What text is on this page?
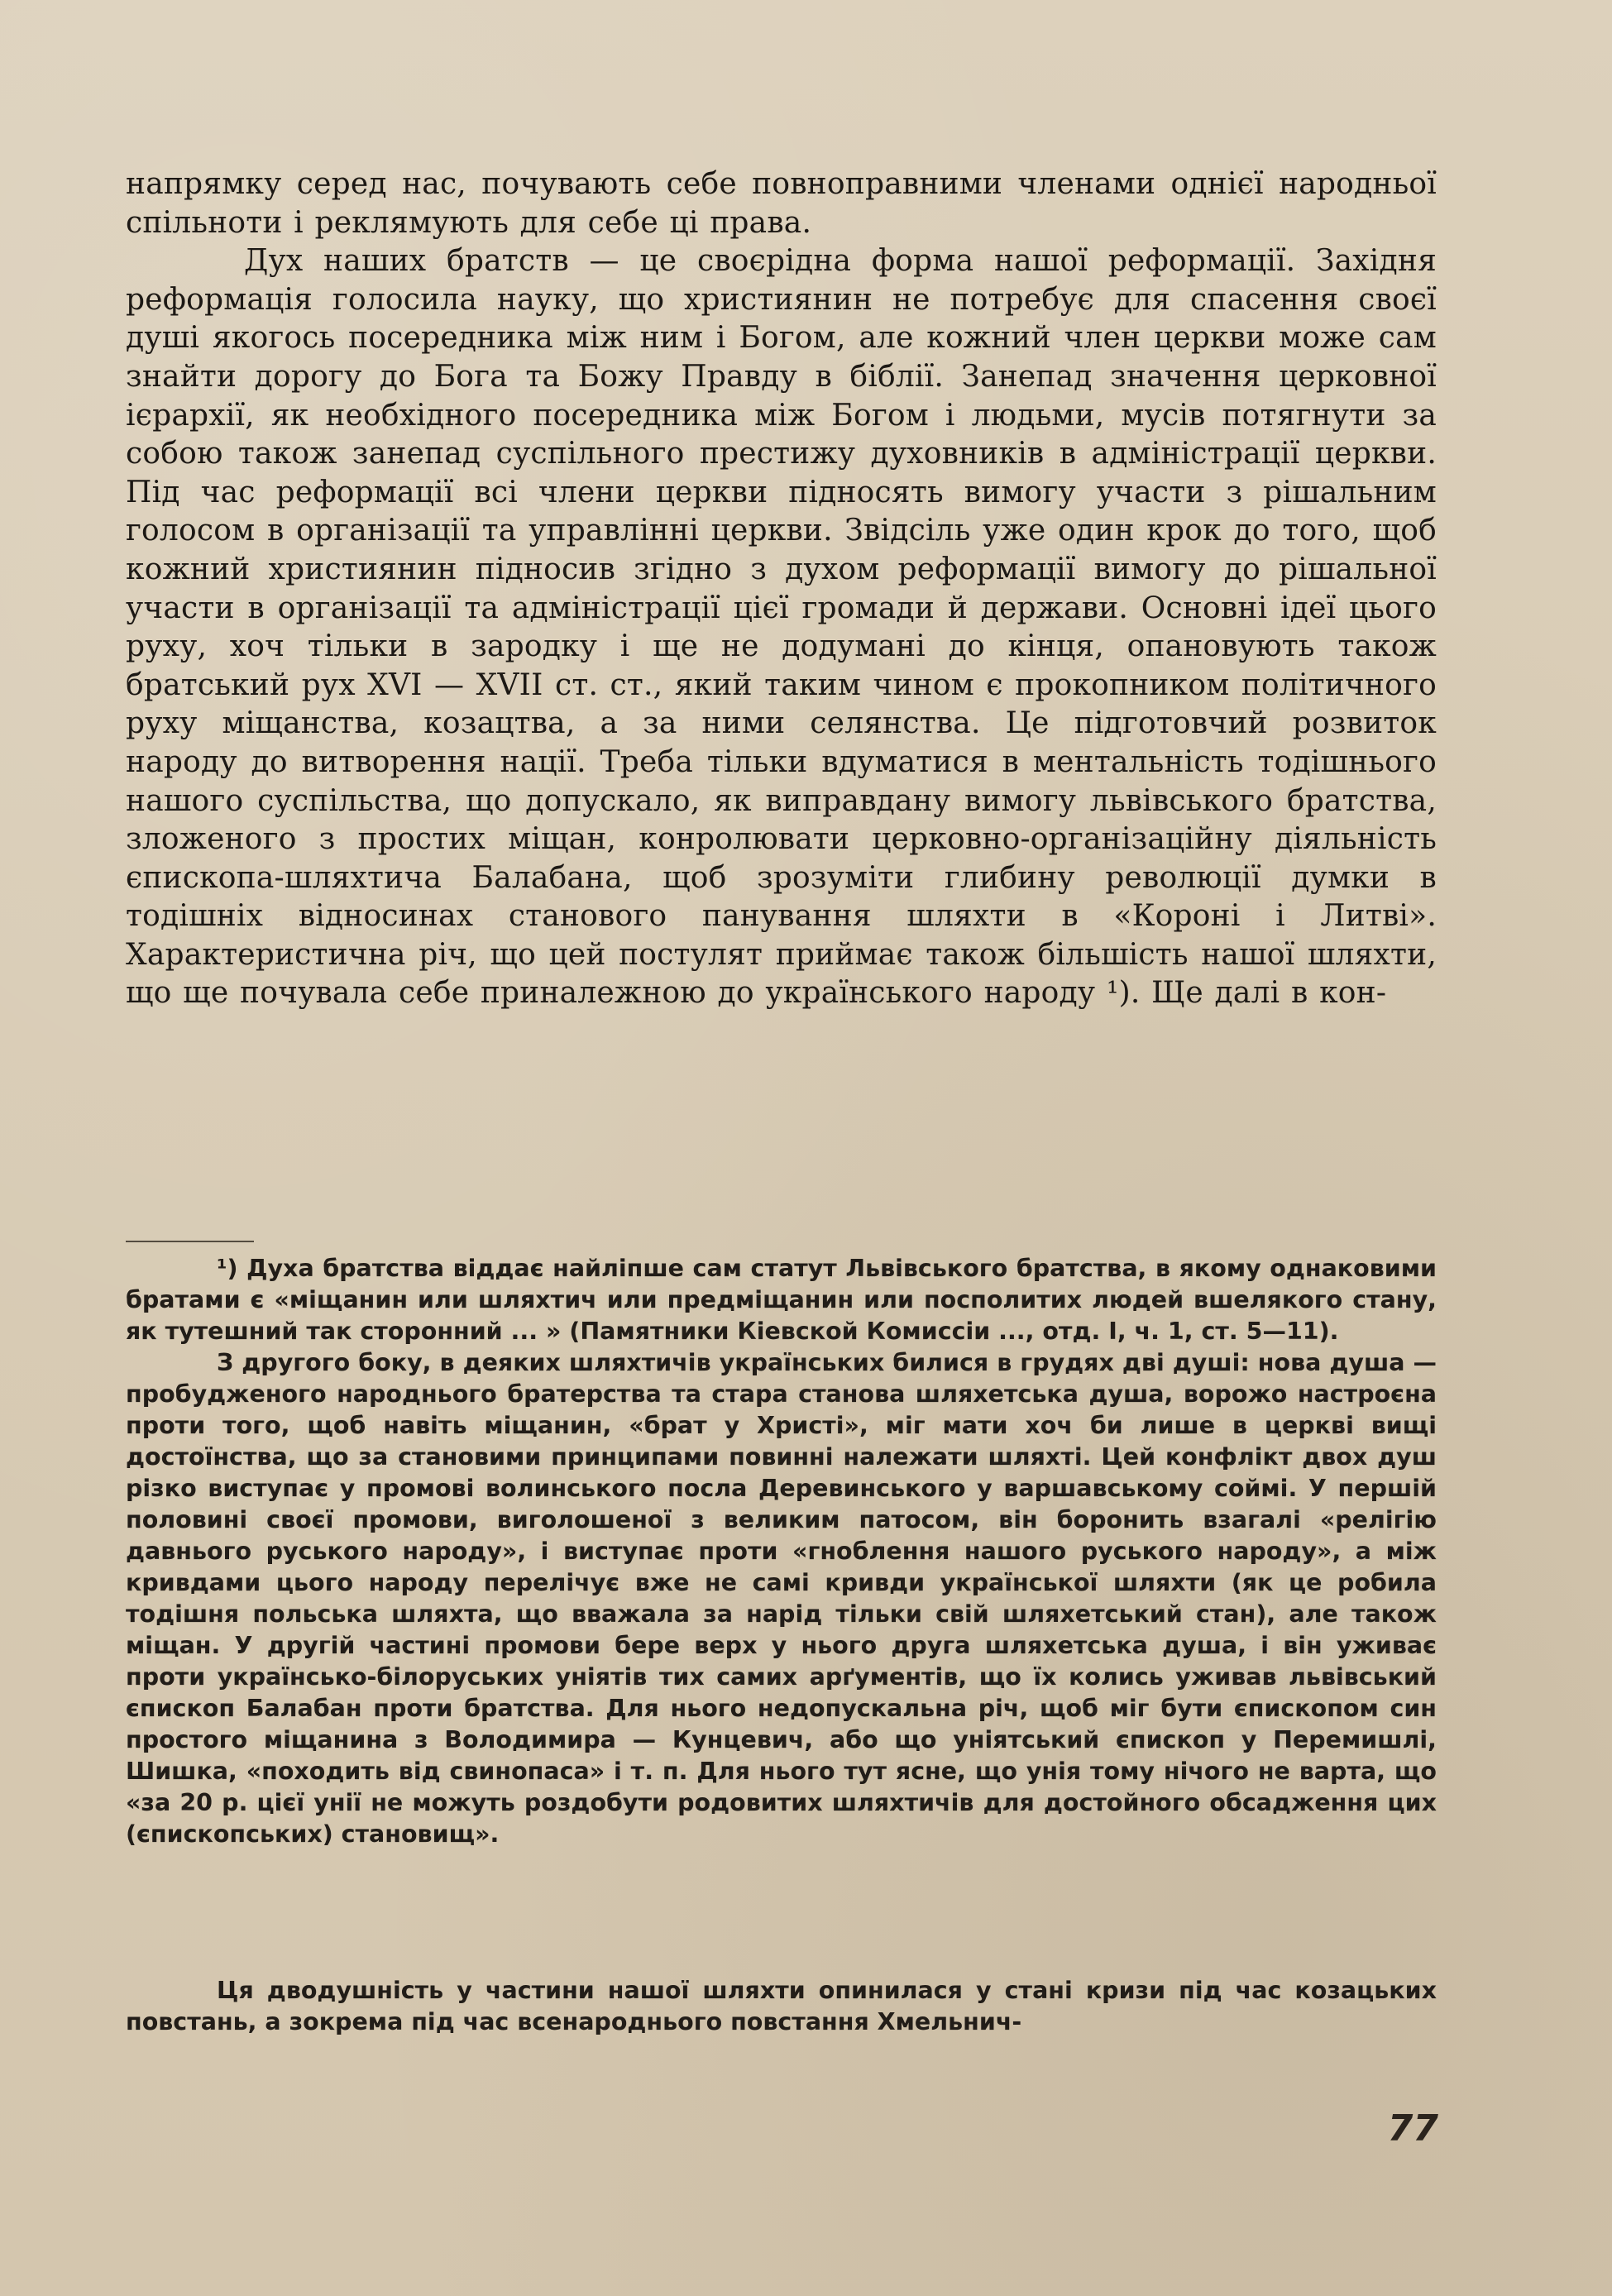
напрямку серед нас, почувають себе повноправними членами однієї народньої спільноти і реклямують для себе ці права.

Дух наших братств — це своєрідна форма нашої реформації. Західня реформація голосила науку, що християнин не потребує для спасення своєї душі якогось посередника між ним і Богом, але кожний член церкви може сам знайти дорогу до Бога та Божу Правду в біблії. Занепад значення церковної ієрархії, як необхідного посередника між Богом і людьми, мусів потягнути за собою також занепад суспільного престижу духовників в адміністрації церкви. Під час реформації всі члени церкви підносять вимогу участи з рішальним голосом в організації та управлінні церкви. Звідсіль уже один крок до того, щоб кожний християнин підносив згідно з духом реформації вимогу до рішальної участи в організації та адміністрації цієї громади й держави. Основні ідеї цього руху, хоч тільки в зародку і ще не додумані до кінця, опановують також братський рух XVI — XVII ст. ст., який таким чином є прокопником політичного руху міщанства, козацтва, а за ними селянства. Це підготовчий розвиток народу до витворення нації. Треба тільки вдуматися в ментальність тодішнього нашого суспільства, що допускало, як виправдану вимогу львівського братства, зложеного з простих міщан, конролювати церковно-організаційну діяльність єпископа-шляхтича Балабана, щоб зрозуміти глибину революції думки в тодішніх відносинах станового панування шляхти в «Короні і Литві». Характеристична річ, що цей постулят приймає також більшість нашої шляхти, що ще почувала себе приналежною до українського народу ¹). Ще далі в кон-

¹) Духа братства віддає найліпше сам статут Львівського братства, в якому однаковими братами є «міщанин или шляхтич или предміщанин или посполитих людей вшелякого стану, як тутешний так сторонний ... » (Памятники Кіевской Комиссіи ..., отд. I, ч. 1, ст. 5—11).

З другого боку, в деяких шляхтичів українських билися в грудях дві душі: нова душа — пробудженого народнього братерства та стара станова шляхетська душа, ворожо настроєна проти того, щоб навіть міщанин, «брат у Христі», міг мати хоч би лише в церкві вищі достоїнства, що за становими принципами повинні належати шляхті. Цей конфлікт двох душ різко виступає у промові волинського посла Деревинського у варшавському соймі. У першій половині своєї промови, виголошеної з великим патосом, він боронить взагалі «релігію давнього руського народу», і виступає проти «гноблення нашого руського народу», а між кривдами цього народу перелічує вже не самі кривди української шляхти (як це робила тодішня польська шляхта, що вважала за нарід тільки свій шляхетський стан), але також міщан. У другій частині промови бере верх у нього друга шляхетська душа, і він уживає проти українсько-білоруських уніятів тих самих арґументів, що їх колись уживав львівський єпископ Балабан проти братства. Для нього недопускальна річ, щоб міг бути єпископом син простого міщанина з Володимира — Кунцевич, або що уніятський єпископ у Перемишлі, Шишка, «походить від свинопаса» і т. п. Для нього тут ясне, що унія тому нічого не варта, що «за 20 р. цієї унії не можуть роздобути родовитих шляхтичів для достойного обсадження цих (єпископських) становищ».

Ця дводушність у частини нашої шляхти опинилася у стані кризи під час козацьких повстань, а зокрема під час всенароднього повстання Хмельнич-

77
